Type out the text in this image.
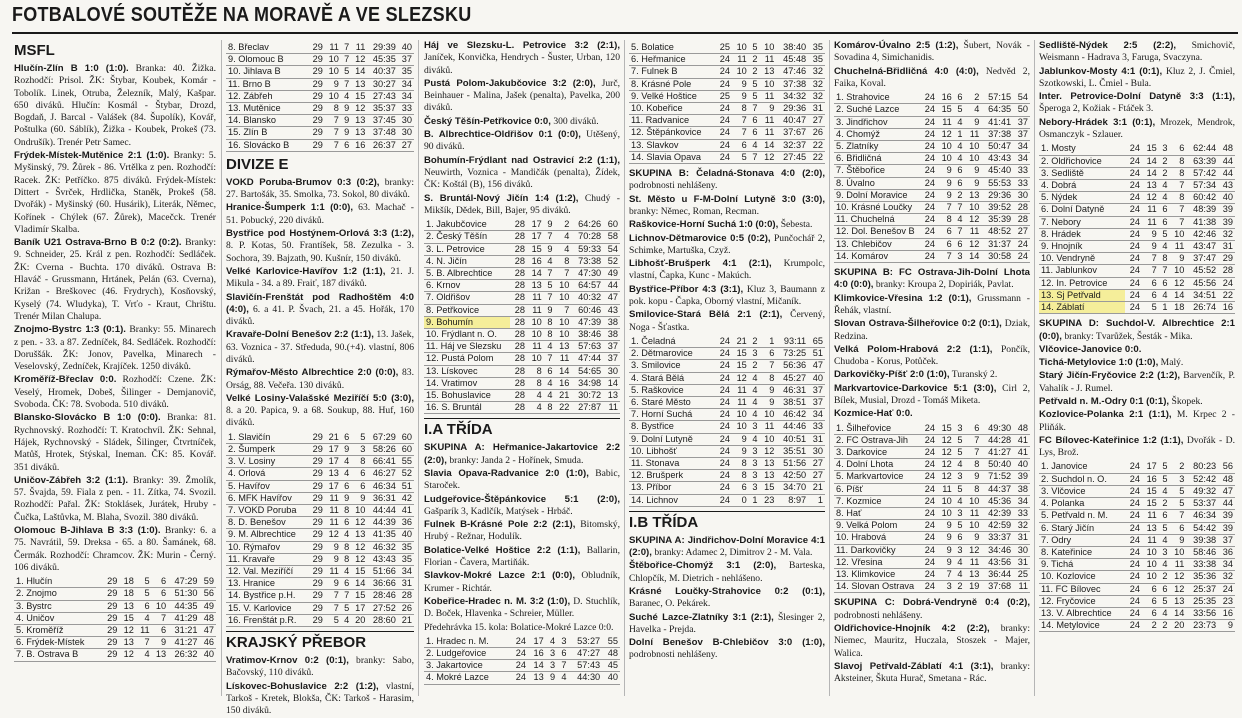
FOTBALOVÉ SOUTĚŽE NA MORAVĚ A VE SLEZSKU
MSFL
Hlučín-Zlín B 1:0 (1:0). Branka: 40. Žižka. Rozhodčí: Prisol. ŽK: Štybar, Koubek, Komár - Tobolík. Linek, Otruba, Železník, Malý, Kašpar. 650 diváků. Hlučín: Kosmál - Štybar, Drozd, Bogdaň, J. Barcal - Valášek (84. Šupolík), Kovář, Poštulka (60. Sáblík), Žižka - Koubek, Prokeš (73. Ondrušík). Trenér Petr Samec.
Frýdek-Místek-Mutěnice 2:1 (1:0). Branky: 5. Myšinský, 79. Žůrek - 86. Vrtělka z pen. Rozhodčí: Racek. ŽK: Petříčko. 875 diváků. Frýdek-Místek: Dittert - Švrček, Hrdlička, Staněk, Prokeš (58. Dvořák) - Myšinský (60. Husárik), Literák, Němec, Kořínek - Chýlek (67. Žůrek), Macečck. Trenér Vladimír Skalba.
Baník U21 Ostrava-Brno B 0:2 (0:2). Branky: 9. Schneider, 25. Král z pen. Rozhodčí: Sedláček. ŽK: Cverna - Buchta. 170 diváků. Ostrava B: Hlaváč - Grussmann, Hrtánek, Pelán (63. Cverna), Križan - Breškovec (46. Frydrych), Kosňovský, Kyselý (74. Wludyka), T. Vrťo - Kraut, Chrištu. Trenér Milan Chalupa.
Znojmo-Bystrc 1:3 (0:1). Branky: 55. Minarech z pen. - 33. a 87. Zedníček, 84. Sedláček. Rozhodčí: Doruššák. ŽK: Jonov, Pavelka, Minarech - Veselovský, Zedníček, Krajíček. 1250 diváků.
Kroměříž-Břeclav 0:0. Rozhodčí: Czene. ŽK: Veselý, Hromek, Dobeš, Šilinger - Demjanovič, Svoboda. ČK: 78. Svoboda. 510 diváků.
Blansko-Slovácko B 1:0 (0:0). Branka: 81. Rychnovský. Rozhodčí: T. Kratochvíl. ŽK: Sehnal, Hájek, Rychnovský - Sládek, Šilinger, Čtvrtníček, Matůš, Hrotek, Stýskal, Ineman. ČK: 85. Kovář. 351 diváků.
Uničov-Zábřeh 3:2 (1:1). Branky: 39. Žmolík, 57. Švajda, 59. Fiala z pen. - 11. Zítka, 74. Svozil. Rozhodčí: Pařal. ŽK: Stoklásek, Jurátek, Hruby - Čučka, Laštůvka, M. Blaha, Svozil. 380 diváků.
Olomouc B-Jihlava B 3:3 (1:0). Branky: 6. a 75. Navrátil, 59. Dreksa - 65. a 80. Šamánek, 68. Čermák. Rozhodčí: Chramcov. ŽK: Murin - Černý. 106 diváků.
1. Hlučín	29	18	5	6	47:29	59
2. Znojmo	29	18	5	6	51:30	56
3. Bystrc	29	13	6	10	44:35	49
4. Uničov	29	15	4	7	41:29	48
5. Kroměříž	29	12	11	6	31:21	47
6. Frýdek-Místek	29	13	7	9	41:27	46
7. B. Ostrava B	29	12	4	13	26:32	40
8. Břeclav	29	11	7	11	29:39	40
9. Olomouc B	29	10	7	12	45:35	37
10. Jihlava B	29	10	5	14	40:37	35
11. Brno B	29	9	7	13	30:27	34
12. Zábřeh	29	10	4	15	27:43	34
13. Mutěnice	29	8	9	12	35:37	33
14. Blansko	29	7	9	13	37:45	30
15. Zlín B	29	7	9	13	37:48	30
16. Slovácko B	29	7	6	16	26:37	27
DIVIZE E
VOKD Poruba-Brumov 0:3 (0:2), branky: 27. Bartošák, 35. Smolka, 73. Sokol, 80 diváků.
Hranice-Šumperk 1:1 (0:0), 63. Machač - 51. Pobucký, 220 diváků.
Bystřice pod Hostýnem-Orlová 3:3 (1:2), 8. P. Kotas, 50. Frantíšek, 58. Zezulka - 3. Sochora, 39. Bajzath, 90. Kušnír, 150 diváků.
Velké Karlovice-Havířov 1:2 (1:1), 21. J. Mikula - 34. a 89. Fraiť, 187 diváků.
Slavičín-Frenštát pod Radhoštěm 4:0 (4:0), 6. a 41. P. Švach, 21. a 45. Hořák, 170 diváků.
Kravaře-Dolní Benešov 2:2 (1:1), 13. Jašek, 63. Voznica - 37. Středuda, 90.(+4). vlastní, 806 diváků.
Rýmařov-Město Albrechtice 2:0 (0:0), 83. Orság, 88. Večeřa. 130 diváků.
Velké Losiny-Valašské Meziříčí 5:0 (3:0), 8. a 20. Papica, 9. a 68. Soukup, 88. Huf, 160 diváků.
1. Slavičín	29	21	6	5	67:29	60
2. Šumperk	29	17	9	3	58:26	60
3. V. Losiny	29	17	4	8	66:41	55
4. Orlová	29	13	4	6	46:27	52
5. Havířov	29	17	6	6	46:34	51
6. MFK Havířov	29	11	9	9	36:31	42
7. VOKD Poruba	29	11	8	10	44:44	41
8. D. Benešov	29	11	6	12	44:39	36
9. M. Albrechtice	29	12	4	13	41:35	40
10. Rýmařov	29	9	8	12	46:32	35
11. Kravaře	29	9	8	12	43:43	35
12. Val. Meziříčí	29	11	4	15	51:66	34
13. Hranice	29	9	6	14	36:66	31
14. Bystřice p.H.	29	7	7	15	28:46	28
15. V. Karlovice	29	7	5	17	27:52	26
16. Frenštát p.R.	29	5	4	20	28:60	21
KRAJSKÝ PŘEBOR
Vratimov-Krnov 0:2 (0:1), branky: Sabo, Bačovský, 110 diváků.
Lískovec-Bohuslavice 2:2 (1:2), vlastní, Tarkoš - Kretek, Blokša, ČK: Tarkoš - Harasim, 150 diváků.
Háj ve Slezsku-L. Petrovice 3:2 (2:1), Janíček, Konvička, Hendrych - Šuster, Urban, 120 diváků.
Pustá Polom-Jakubčovice 3:2 (2:0), Jurč, Beinhauer - Malina, Jašek (penalta), Pavelka, 200 diváků.
Český Těšín-Petřkovice 0:0, 300 diváků.
B. Albrechtice-Oldřišov 0:1 (0:0), Utěšený, 90 diváků.
Bohumín-Frýdlant nad Ostravicí 2:2 (1:1), Neuwirth, Voznica - Mandičák (penalta), Žídek, ČK: Koštál (B), 156 diváků.
S. Bruntál-Nový Jičín 1:4 (1:2), Chudý - Mikšík, Dědek, Bill, Bajer, 95 diváků.
1. Jakubčovice	28	17	9	2	64:26	60
2. Český Těšín	28	17	7	4	70:28	58
3. L. Petrovice	28	15	9	4	59:33	54
4. N. Jičín	28	16	4	8	73:38	52
5. B. Albrechtice	28	14	7	7	47:30	49
6. Krnov	28	13	5	10	64:57	44
7. Oldřišov	28	11	7	10	40:32	47
8. Petřkovice	28	11	9	7	60:46	43
9. Bohumín	28	10	8	10	47:39	38
10. Frýdlant n. O.	28	10	8	10	38:46	38
11. Háj ve Slezsku	28	11	4	13	57:63	37
12. Pustá Polom	28	10	7	11	47:44	37
13. Lískovec	28	8	6	14	54:65	30
14. Vratimov	28	8	4	16	34:98	14
15. Bohuslavice	28	4	4	21	30:72	13
16. S. Bruntál	28	4	8	22	27:87	11
I.A TŘÍDA
SKUPINA A: Heřmanice-Jakartovice 2:2 (2:0), branky: Janda 2 - Hořínek, Smuda.
Slavia Opava-Radvanice 2:0 (1:0), Babic, Staroček.
Ludgeřovice-Štěpánkovice 5:1 (2:0), Gašparík 3, Kadlčík, Matýsek - Hrbáč.
Fulnek B-Krásné Pole 2:2 (2:1), Bitomský, Hrubý - Režnar, Hodulík.
Bolatice-Velké Hoštice 2:2 (1:1), Ballarin, Florian - Čavera, Martiňák.
Slavkov-Mokré Lazce 2:1 (0:0), Obludník, Krumer - Richtár.
Kobeřice-Hradec n. M. 3:2 (1:0), D. Stuchlík, D. Boček, Hlavenka - Schreier, Müller.
Předehrávka 15. kola: Bolatice-Mokré Lazce 0:0.
1. Hradec n. M.	24	17	4	3	53:27	55
2. Ludgeřovice	24	16	3	6	47:27	48
3. Jakartovice	24	14	3	7	57:43	45
4. Mokré Lazce	24	13	9	4	44:30	40
5. Bolatice	25	10	5	10	38:40	35
6. Heřmanice	24	11	2	11	45:48	35
7. Fulnek B	24	10	2	13	47:46	32
8. Krásné Pole	24	9	5	10	37:38	32
9. Velké Hoštice	25	9	5	11	34:32	32
10. Kobeřice	24	8	7	9	29:36	31
11. Radvanice	24	7	6	11	40:47	27
12. Štěpánkovice	24	7	6	11	37:67	26
13. Slavkov	24	6	4	14	32:37	22
14. Slavia Opava	24	5	7	12	27:45	22
SKUPINA B: Čeladná-Stonava 4:0 (2:0), podrobnosti nehlášeny.
St. Město u F-M-Dolní Lutyně 3:0 (3:0), branky: Němec, Roman, Recman.
Raškovice-Horní Suchá 1:0 (0:0), Šebesta.
Lichnov-Dětmarovice 0:5 (0:2), Punčochář 2, Schimke, Martuška, Czyž.
Libhošť-Brušperk 4:1 (2:1), Krumpolc, vlastní, Čapka, Kunc - Makúch.
Bystřice-Příbor 4:3 (3:1), Kluz 3, Baumann z pok. kopu - Čapka, Oborný vlastní, Mičaník.
Smilovice-Stará Bělá 2:1 (2:1), Červený, Noga - Šťastka.
1. Čeladná	24	21	2	1	93:11	65
2. Dětmarovice	24	15	3	6	73:25	51
3. Smilovice	24	15	2	7	56:36	47
4. Stará Bělá	24	12	4	8	45:27	40
5. Raškovice	24	11	4	9	46:31	37
6. Staré Město	24	11	4	9	38:51	37
7. Horní Suchá	24	10	4	10	46:42	34
8. Bystřice	24	10	3	11	44:46	33
9. Dolní Lutyně	24	9	4	10	40:51	31
10. Libhošť	24	9	3	12	35:51	30
11. Stonava	24	8	3	13	51:56	27
12. Brušperk	24	8	3	13	42:50	27
13. Příbor	24	6	3	15	34:70	21
14. Lichnov	24	0	1	23	8:97	1
I.B TŘÍDA
SKUPINA A: Jindřichov-Dolní Moravice 4:1 (2:0), branky: Adamec 2, Dimitrov 2 - M. Vala.
Štěbořice-Chomýž 3:1 (2:0), Barteska, Chlopčík, M. Dietrich - nehlášeno.
Krásné Loučky-Strahovice 0:2 (0:1), Baranec, O. Pekárek.
Suché Lazce-Zlatníky 3:1 (2:1), Šlesinger 2, Havelka - Prejda.
Dolní Benešov B-Chlebičov 3:0 (1:0), podrobnosti nehlášeny.
Komárov-Úvalno 2:5 (1:2), Šubert, Novák - Sovadina 4, Simichanidis.
Chuchelná-Břidličná 4:0 (4:0), Nedvěd 2, Faika, Koval.
1. Strahovice	24	16	6	2	57:15	54
2. Suché Lazce	24	15	5	4	64:35	50
3. Jindřichov	24	11	4	9	41:41	37
4. Chomýž	24	12	1	11	37:38	37
5. Zlatníky	24	10	4	10	50:47	34
6. Břidličná	24	10	4	10	43:43	34
7. Štěbořice	24	9	6	9	45:40	33
8. Úvalno	24	9	6	9	55:53	33
9. Dolní Moravice	24	9	2	13	29:36	30
10. Krásné Loučky	24	7	7	10	39:52	28
11. Chuchelná	24	8	4	12	35:39	28
12. Dol. Benešov B	24	6	7	11	48:52	27
13. Chlebičov	24	6	6	12	31:37	24
14. Komárov	24	7	3	14	30:58	24
SKUPINA B: FC Ostrava-Jih-Dolní Lhota 4:0 (0:0), branky: Kroupa 2, Dopiriák, Pavlat.
Klimkovice-Vřesina 1:2 (0:1), Grussmann - Řehák, vlastní.
Slovan Ostrava-Šilheřovice 0:2 (0:1), Dziak, Redzina.
Velká Polom-Hrabová 2:2 (1:1), Pončík, Chudoba - Korus, Potůček.
Darkovičky-Píšť 2:0 (1:0), Turanský 2.
Markvartovice-Darkovice 5:1 (3:0), Cirl 2, Bílek, Musial, Drozd - Tomáš Miketa.
Kozmice-Hať 0:0.
1. Šilheřovice	24	15	3	6	49:30	48
2. FC Ostrava-Jih	24	12	5	7	44:28	41
3. Darkovice	24	12	5	7	41:27	41
4. Dolní Lhota	24	12	4	8	50:40	40
5. Markvartovice	24	12	3	9	71:52	39
6. Píšť	24	11	5	8	44:37	38
7. Kozmice	24	10	4	10	45:36	34
8. Hať	24	10	3	11	42:39	33
9. Velká Polom	24	9	5	10	42:59	32
10. Hrabová	24	9	6	9	33:37	31
11. Darkovičky	24	9	3	12	34:46	30
12. Vřesina	24	9	4	11	43:56	31
13. Klimkovice	24	7	4	13	36:44	25
14. Slovan Ostrava	24	3	2	19	37:68	11
SKUPINA C: Dobrá-Vendryně 0:4 (0:2), podrobnosti nehlášeny.
Oldřichovice-Hnojník 4:2 (2:2), branky: Niemec, Mauritz, Huczala, Stoszek - Majer, Walica.
Slavoj Petřvald-Záblatí 4:1 (3:1), branky: Aksteiner, Škuta Hurač, Smetana - Rác.
Sedliště-Nýdek 2:5 (2:2), Smichovič, Weismann - Hadrava 3, Faruga, Svaczyna.
Jablunkov-Mosty 4:1 (0:1), Kluz 2, J. Čmiel, Szotkowski, L. Čmiel - Bula.
Inter. Petrovice-Dolní Datyně 3:3 (1:1), Šperoga 2, Kožiak - Ftáček 3.
Nebory-Hrádek 3:1 (0:1), Mrozek, Mendrok, Osmanczyk - Szlauer.
1. Mosty	24	15	3	6	62:44	48
2. Oldřichovice	24	14	2	8	63:39	44
3. Sedliště	24	14	2	8	57:42	44
4. Dobrá	24	13	4	7	57:34	43
5. Nýdek	24	12	4	8	60:42	40
6. Dolní Datyně	24	11	6	7	48:39	39
7. Nebory	24	11	6	7	41:38	39
8. Hrádek	24	9	5	10	42:46	32
9. Hnojník	24	9	4	11	43:47	31
10. Vendryně	24	7	8	9	37:47	29
11. Jablunkov	24	7	7	10	45:52	28
12. In. Petrovice	24	6	6	12	45:56	24
13. Sj Petřvald	24	6	4	14	34:51	22
14. Záblatí	24	5	1	18	26:74	16
SKUPINA D: Suchdol-V. Albrechtice 2:1 (0:0), branky: Tvarůžek, Šesták - Mika.
Vlčovice-Janovice 0:0.
Tichá-Metylovice 1:0 (1:0), Malý.
Starý Jičín-Fryčovice 2:2 (1:2), Barvenčík, P. Vahalík - J. Rumel.
Petřvald n. M.-Odry 0:1 (0:1), Škopek.
Kozlovice-Polanka 2:1 (1:1), M. Krpec 2 - Pliňák.
FC Bílovec-Kateřinice 1:2 (1:1), Dvořák - D. Lys, Brož.
1. Janovice	24	17	5	2	80:23	56
2. Suchdol n. O.	24	16	5	3	52:42	48
3. Vlčovice	24	15	4	5	49:32	47
4. Polanka	24	15	2	5	53:37	44
5. Petřvald n. M.	24	11	6	7	46:34	39
6. Starý Jičín	24	13	5	6	54:42	39
7. Odry	24	11	4	9	39:38	37
8. Kateřinice	24	10	3	10	58:46	36
9. Tichá	24	10	4	11	33:38	34
10. Kozlovice	24	10	2	12	35:36	32
11. FC Bílovec	24	6	6	12	25:37	24
12. Fryčovice	24	6	5	13	25:35	23
13. V. Albrechtice	24	6	4	14	33:56	16
14. Metylovice	24	2	2	20	23:73	9
